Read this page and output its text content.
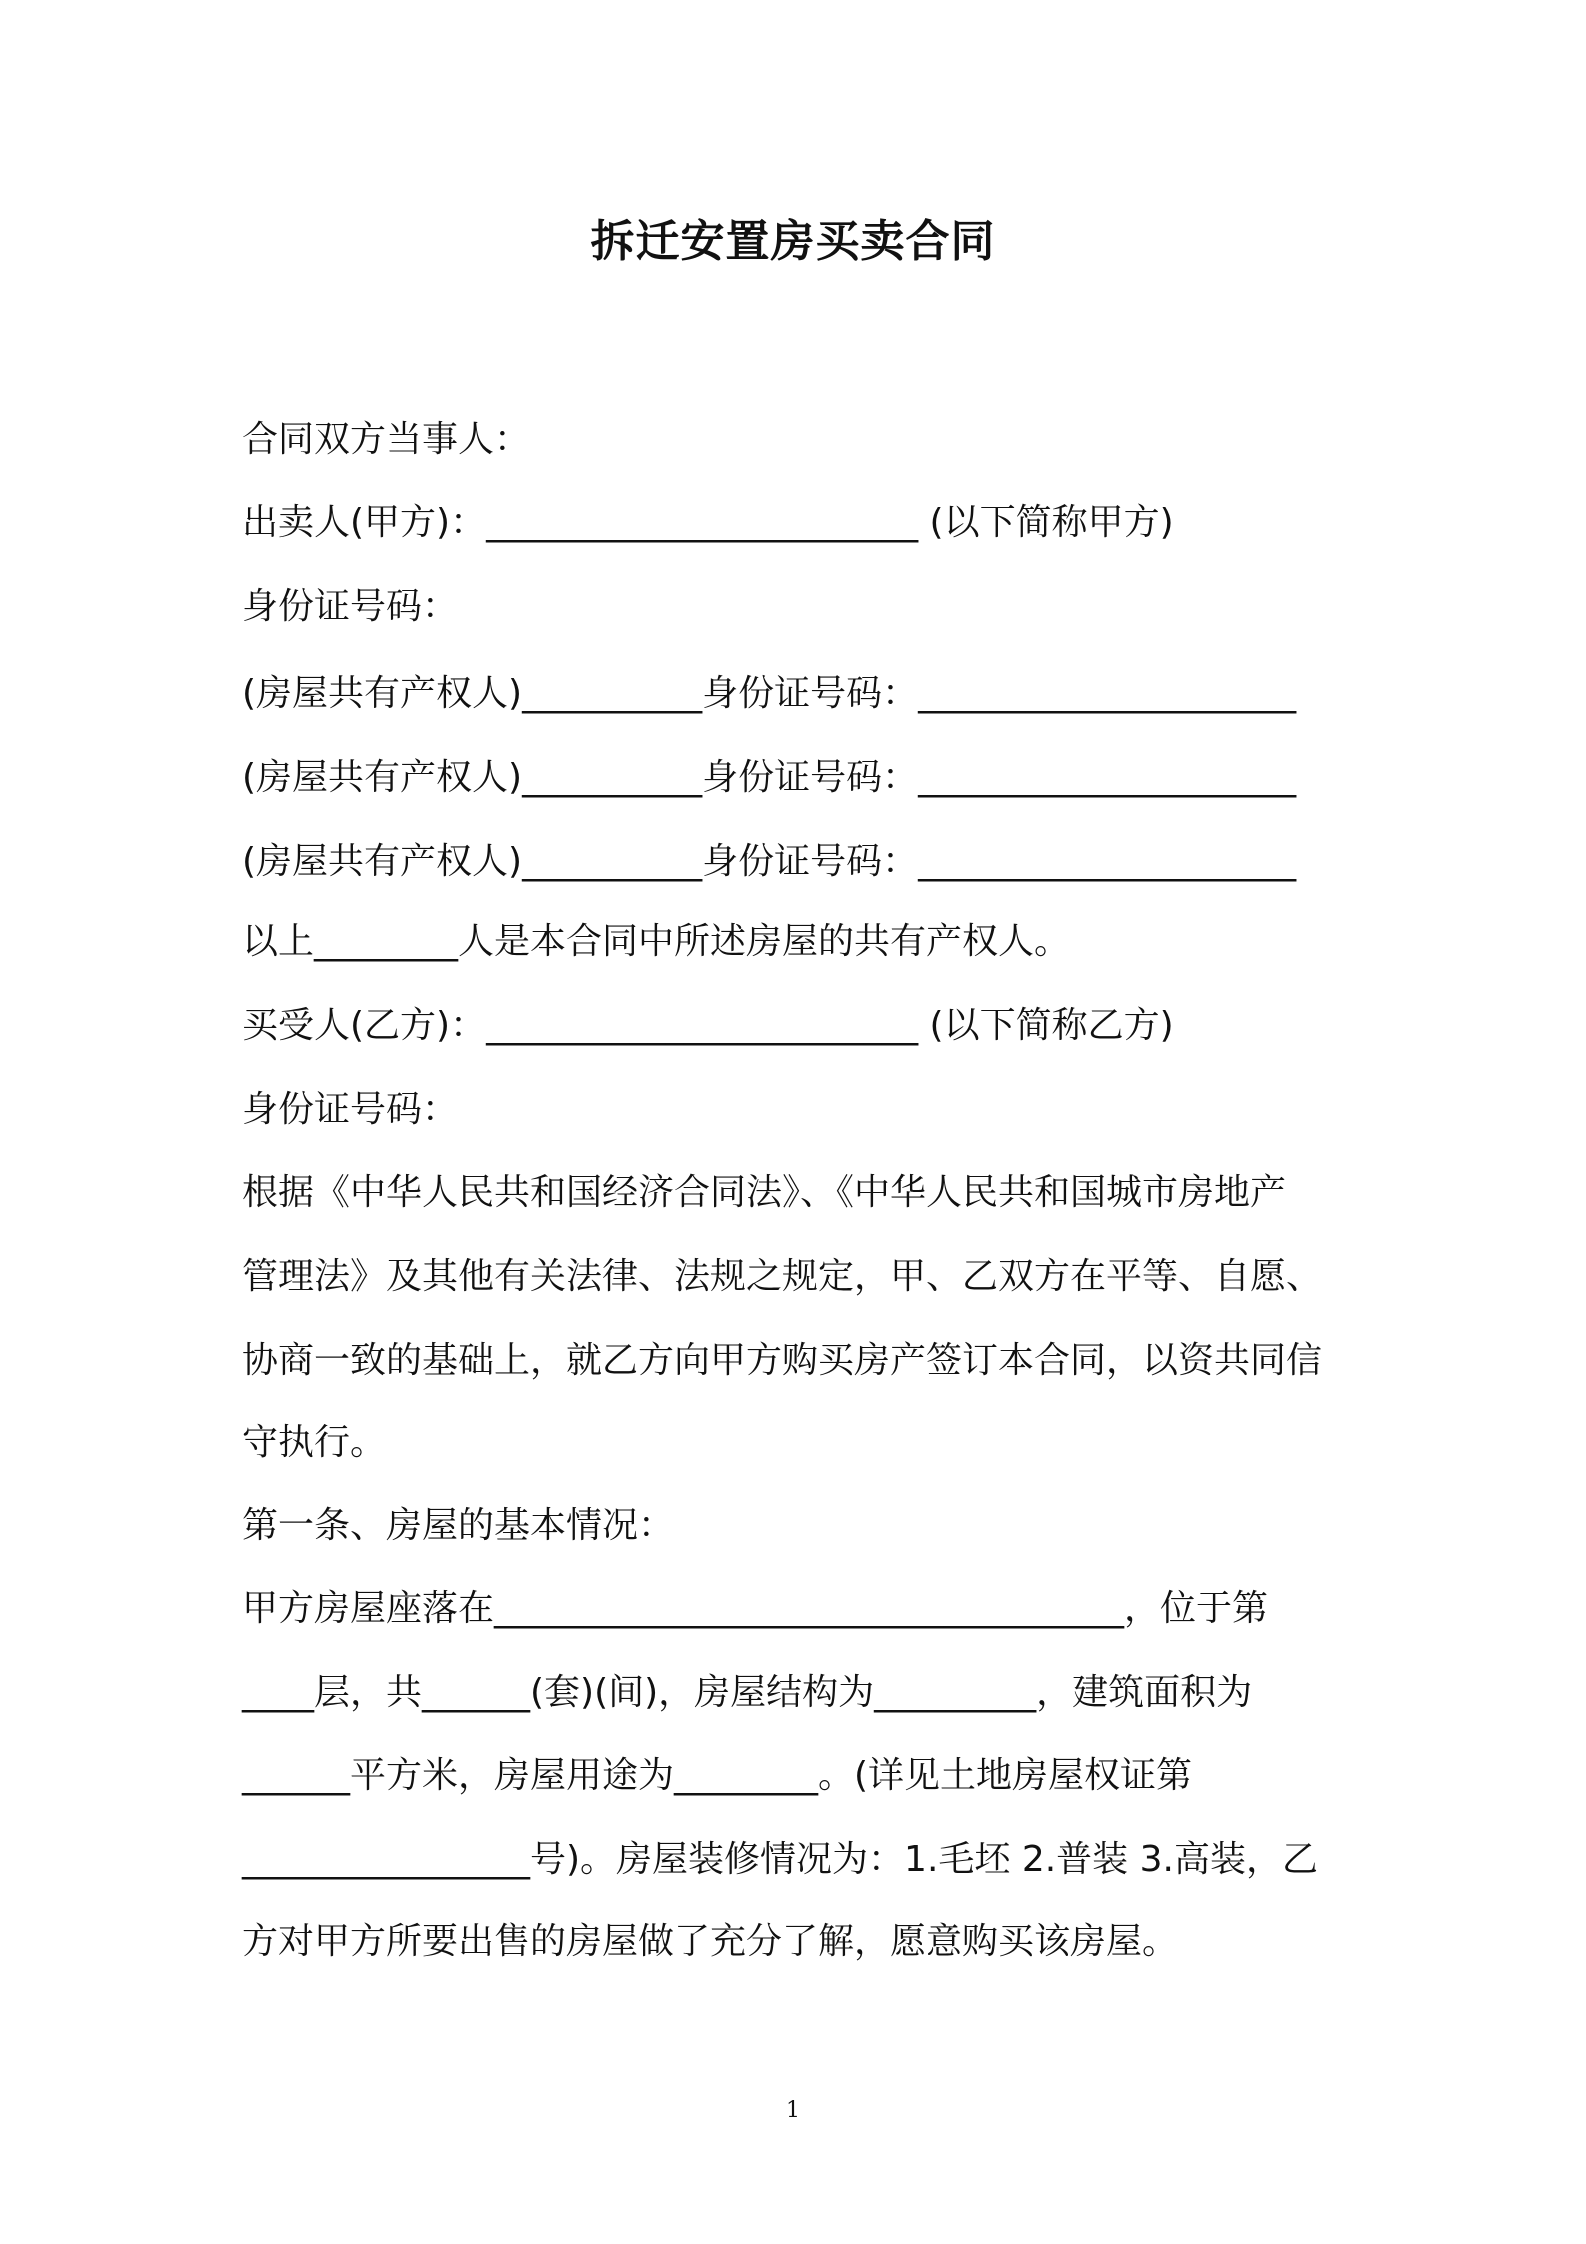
拆迁安置房买卖合同
合同双方当事人：
出卖人(甲方)：________________________ (以下简称甲方)
身份证号码：
(房屋共有产权人)__________身份证号码：_____________________
(房屋共有产权人)__________身份证号码：_____________________
(房屋共有产权人)__________身份证号码：_____________________
以上________人是本合同中所述房屋的共有产权人。
买受人(乙方)：________________________ (以下简称乙方)
身份证号码：
根据《中华人民共和国经济合同法》、《中华人民共和国城市房地产
管理法》及其他有关法律、法规之规定，甲、乙双方在平等、自愿、
协商一致的基础上，就乙方向甲方购买房产签订本合同，以资共同信
守执行。
第一条、房屋的基本情况：
甲方房屋座落在___________________________________，位于第
____层，共______(套)(间)，房屋结构为_________，建筑面积为
______平方米，房屋用途为________。(详见土地房屋权证第
________________号)。房屋装修情况为：1.毛坯 2.普装 3.高装，乙
方对甲方所要出售的房屋做了充分了解，愿意购买该房屋。
1
